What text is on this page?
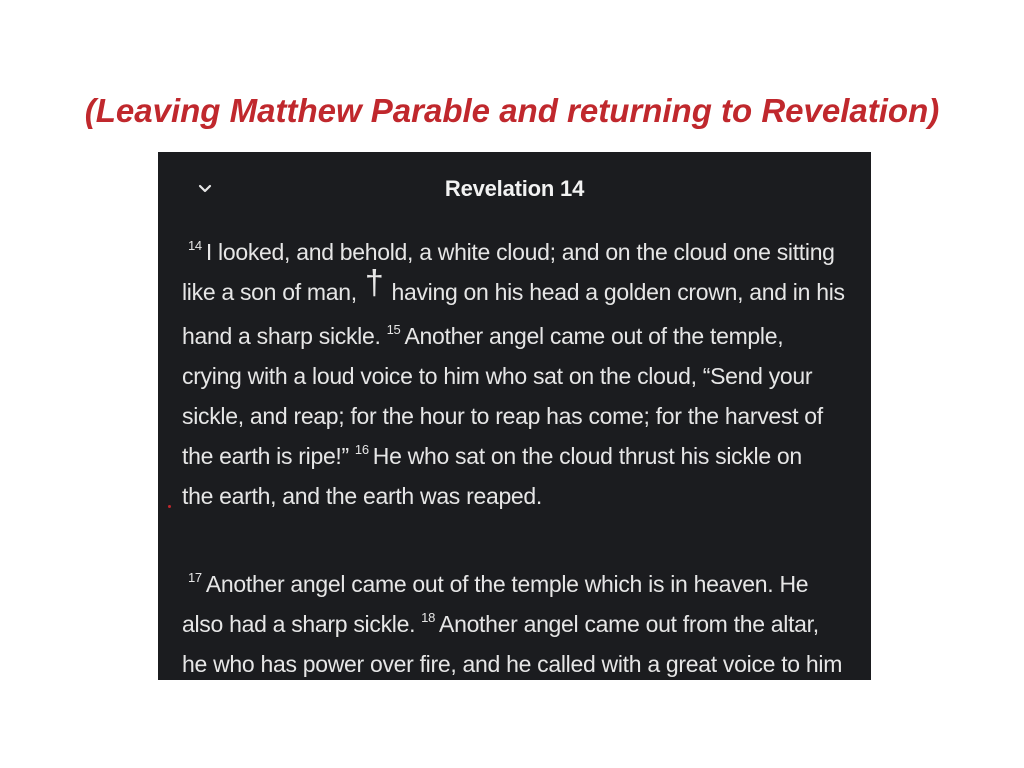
(Leaving Matthew Parable and returning to Revelation)
Revelation 14
$^{14}$ I looked, and behold, a white cloud; and on the cloud one sitting
like a son of man, † having on his head a golden crown, and in his
hand a sharp sickle. $^{15}$ Another angel came out of the temple,
crying with a loud voice to him who sat on the cloud, “Send your
sickle, and reap; for the hour to reap has come; for the harvest of
the earth is ripe!” $^{16}$ He who sat on the cloud thrust his sickle on
the earth, and the earth was reaped.
$^{17}$ Another angel came out of the temple which is in heaven. He
also had a sharp sickle. $^{18}$ Another angel came out from the altar,
he who has power over fire, and he called with a great voice to him
